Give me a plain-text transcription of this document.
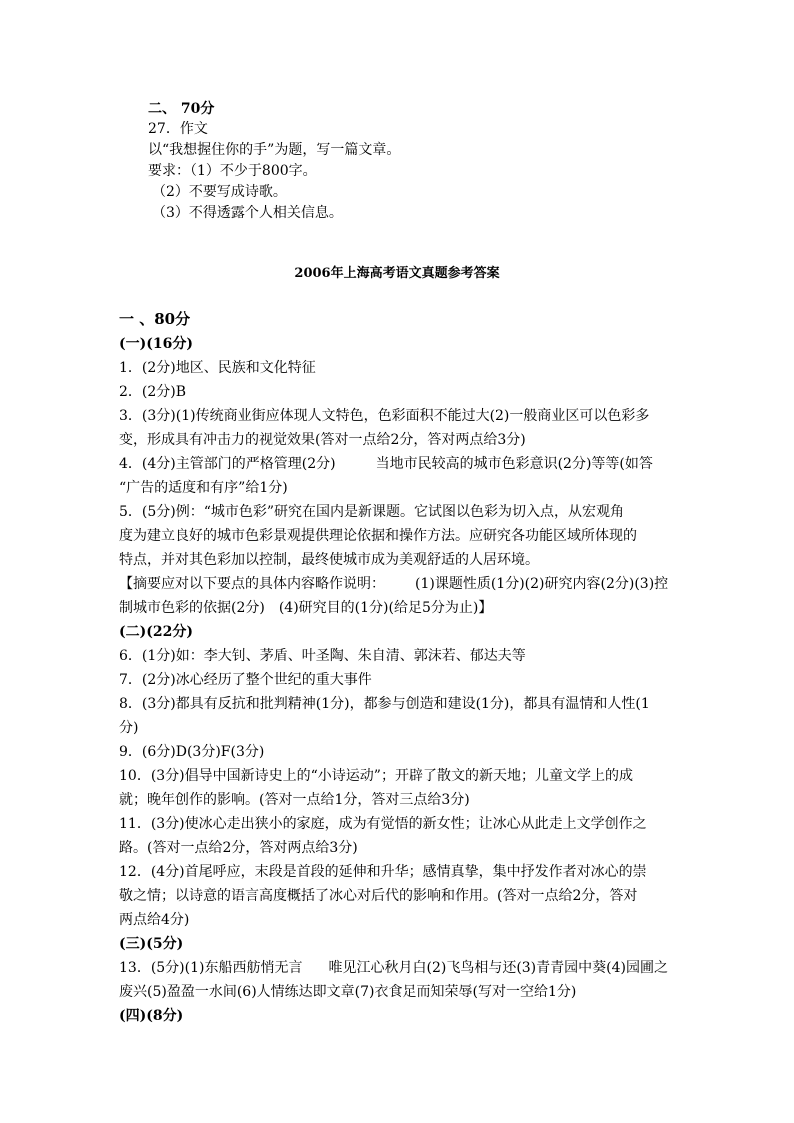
二、 70分
27．作文
以“我想握住你的手”为题，写一篇文章。
要求：（1）不少于800字。
（2）不要写成诗歌。
（3）不得透露个人相关信息。
2006年上海高考语文真题参考答案
一 、80分
(一)(16分)
1．(2分)地区、民族和文化特征
2．(2分)B
3．(3分)(1)传统商业街应体现人文特色，色彩面积不能过大(2)一般商业区可以色彩多
变，形成具有冲击力的视觉效果(答对一点给2分，答对两点给3分)
4．(4分)主管部门的严格管理(2分)	当地市民较高的城市色彩意识(2分)等等(如答
“广告的适度和有序”给1分)
5．(5分)例：“城市色彩”研究在国内是新课题。它试图以色彩为切入点，从宏观角
度为建立良好的城市色彩景观提供理论依据和操作方法。应研究各功能区域所体现的
特点，并对其色彩加以控制，最终使城市成为美观舒适的人居环境。
【摘要应对以下要点的具体内容略作说明： (1)课题性质(1分)(2)研究内容(2分)(3)控
制城市色彩的依据(2分)　(4)研究目的(1分)(给足5分为止)】
(二)(22分)
6．(1分)如：李大钊、茅盾、叶圣陶、朱自清、郭沫若、郁达夫等
7．(2分)冰心经历了整个世纪的重大事件
8．(3分)都具有反抗和批判精神(1分)，都参与创造和建设(1分)，都具有温情和人性(1
分)
9．(6分)D(3分)F(3分)
10．(3分)倡导中国新诗史上的“小诗运动”；开辟了散文的新天地；儿童文学上的成
就；晚年创作的影响。(答对一点给1分，答对三点给3分)
11．(3分)使冰心走出狭小的家庭，成为有觉悟的新女性；让冰心从此走上文学创作之
路。(答对一点给2分，答对两点给3分)
12．(4分)首尾呼应，末段是首段的延伸和升华；感情真挚，集中抒发作者对冰心的崇
敬之情；以诗意的语言高度概括了冰心对后代的影响和作用。(答对一点给2分，答对
两点给4分)
(三)(5分)
13．(5分)(1)东船西舫悄无言 唯见江心秋月白(2)飞鸟相与还(3)青青园中葵(4)园圃之
废兴(5)盈盈一水间(6)人情练达即文章(7)衣食足而知荣辱(写对一空给1分)
(四)(8分)
